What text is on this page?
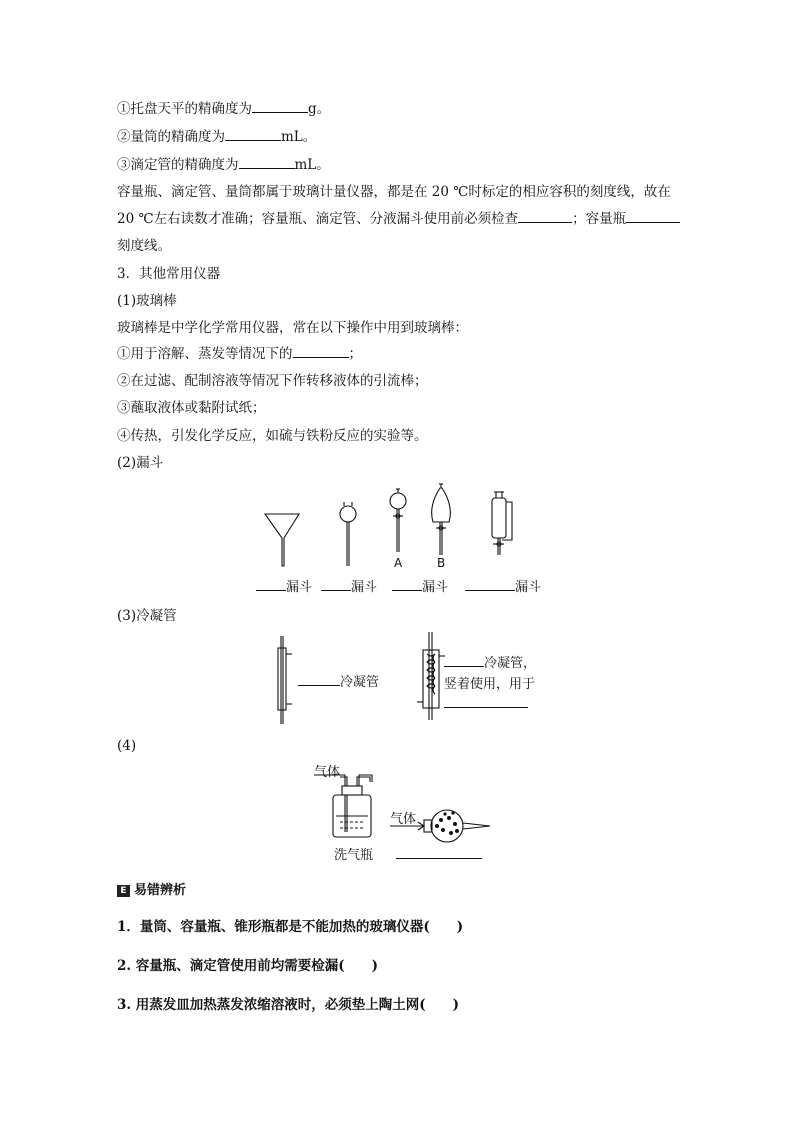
①托盘天平的精确度为	g。
②量筒的精确度为	mL。
③滴定管的精确度为	mL。
容量瓶、滴定管、量筒都属于玻璃计量仪器，都是在 20 ℃时标定的相应容积的刻度线，故在
20 ℃左右读数才准确；容量瓶、滴定管、分液漏斗使用前必须检查	；容量瓶
刻度线。
3．其他常用仪器
(1)玻璃棒
玻璃棒是中学化学常用仪器，常在以下操作中用到玻璃棒：
①用于溶解、蒸发等情况下的	；
②在过滤、配制溶液等情况下作转移液体的引流棒；
③蘸取液体或黏附试纸；
④传热，引发化学反应，如硫与铁粉反应的实验等。
(2)漏斗
A	B
漏斗	漏斗	漏斗	漏斗
(3)冷凝管
冷凝管
冷凝管，
竖着使用，用于
(4)
气体
气体
洗气瓶
E 易错辨析
1．量筒、容量瓶、锥形瓶都是不能加热的玻璃仪器(　　)
2. 容量瓶、滴定管使用前均需要检漏(　　)
3. 用蒸发皿加热蒸发浓缩溶液时，必须垫上陶土网(　　)
